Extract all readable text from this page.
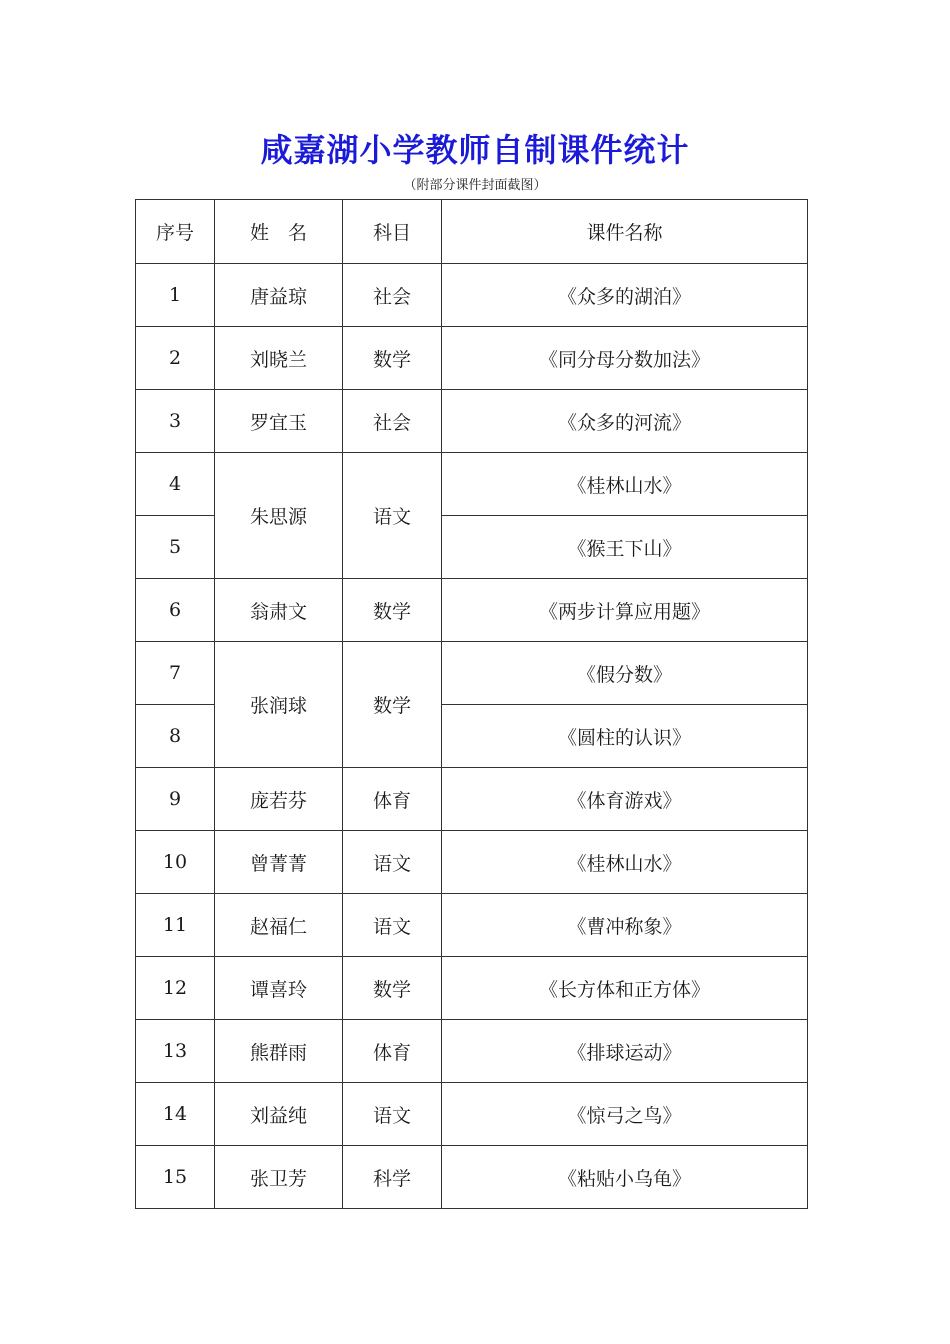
咸嘉湖小学教师自制课件统计
（附部分课件封面截图）
序号	姓　名	科目	课件名称
1	唐益琼	社会	《众多的湖泊》
2	刘晓兰	数学	《同分母分数加法》
3	罗宜玉	社会	《众多的河流》
4	朱思源	语文	《桂林山水》
5			《猴王下山》
6	翁肃文	数学	《两步计算应用题》
7	张润球	数学	《假分数》
8			《圆柱的认识》
9	庞若芬	体育	《体育游戏》
10	曾菁菁	语文	《桂林山水》
11	赵福仁	语文	《曹冲称象》
12	谭喜玲	数学	《长方体和正方体》
13	熊群雨	体育	《排球运动》
14	刘益纯	语文	《惊弓之鸟》
15	张卫芳	科学	《粘贴小乌龟》
